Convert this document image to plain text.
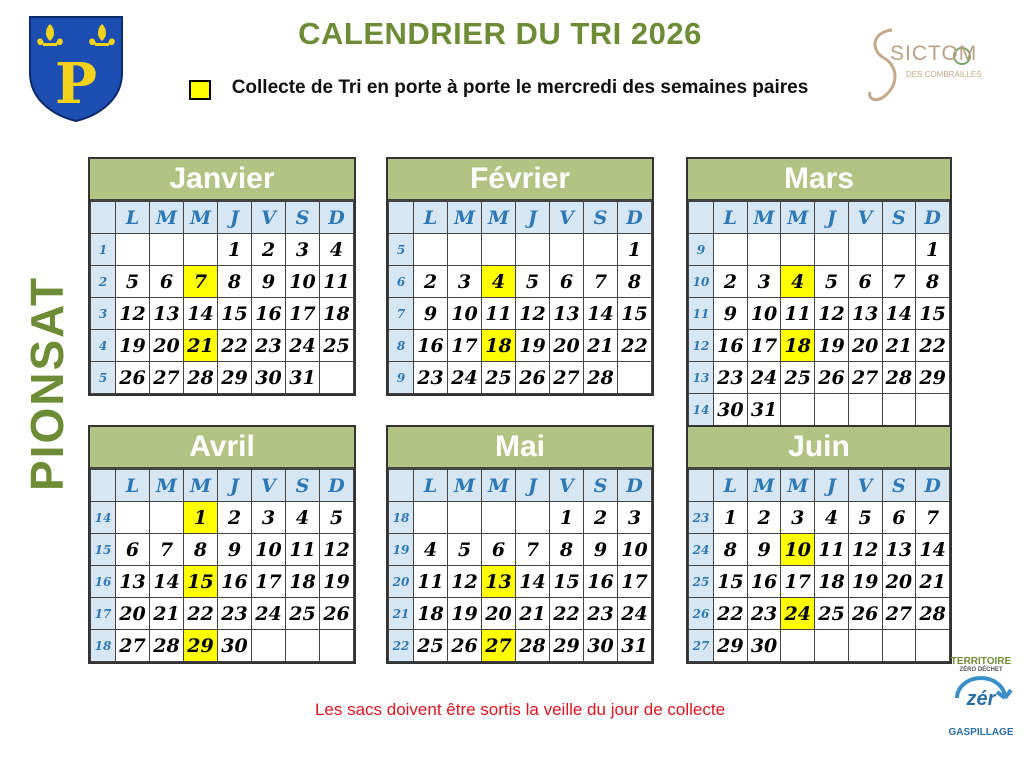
P
CALENDRIER DU TRI 2026
Collecte de Tri en porte à porte le mercredi des semaines paires
SICTOM
DES COMBRAILLES
PIONSAT
Janvier
	L	M	M	J	V	S	D
1				1	2	3	4
2	5	6	7	8	9	10	11
3	12	13	14	15	16	17	18
4	19	20	21	22	23	24	25
5	26	27	28	29	30	31	
Février
	L	M	M	J	V	S	D
5							1
6	2	3	4	5	6	7	8
7	9	10	11	12	13	14	15
8	16	17	18	19	20	21	22
9	23	24	25	26	27	28	
Mars
	L	M	M	J	V	S	D
9							1
10	2	3	4	5	6	7	8
11	9	10	11	12	13	14	15
12	16	17	18	19	20	21	22
13	23	24	25	26	27	28	29
14	30	31					
Avril
	L	M	M	J	V	S	D
14			1	2	3	4	5
15	6	7	8	9	10	11	12
16	13	14	15	16	17	18	19
17	20	21	22	23	24	25	26
18	27	28	29	30			
Mai
	L	M	M	J	V	S	D
18					1	2	3
19	4	5	6	7	8	9	10
20	11	12	13	14	15	16	17
21	18	19	20	21	22	23	24
22	25	26	27	28	29	30	31
Juin
	L	M	M	J	V	S	D
23	1	2	3	4	5	6	7
24	8	9	10	11	12	13	14
25	15	16	17	18	19	20	21
26	22	23	24	25	26	27	28
27	29	30					
Les sacs doivent être sortis la veille du jour de collecte
TERRITOIRE
ZÉRO DÉCHET
zér
GASPILLAGE
